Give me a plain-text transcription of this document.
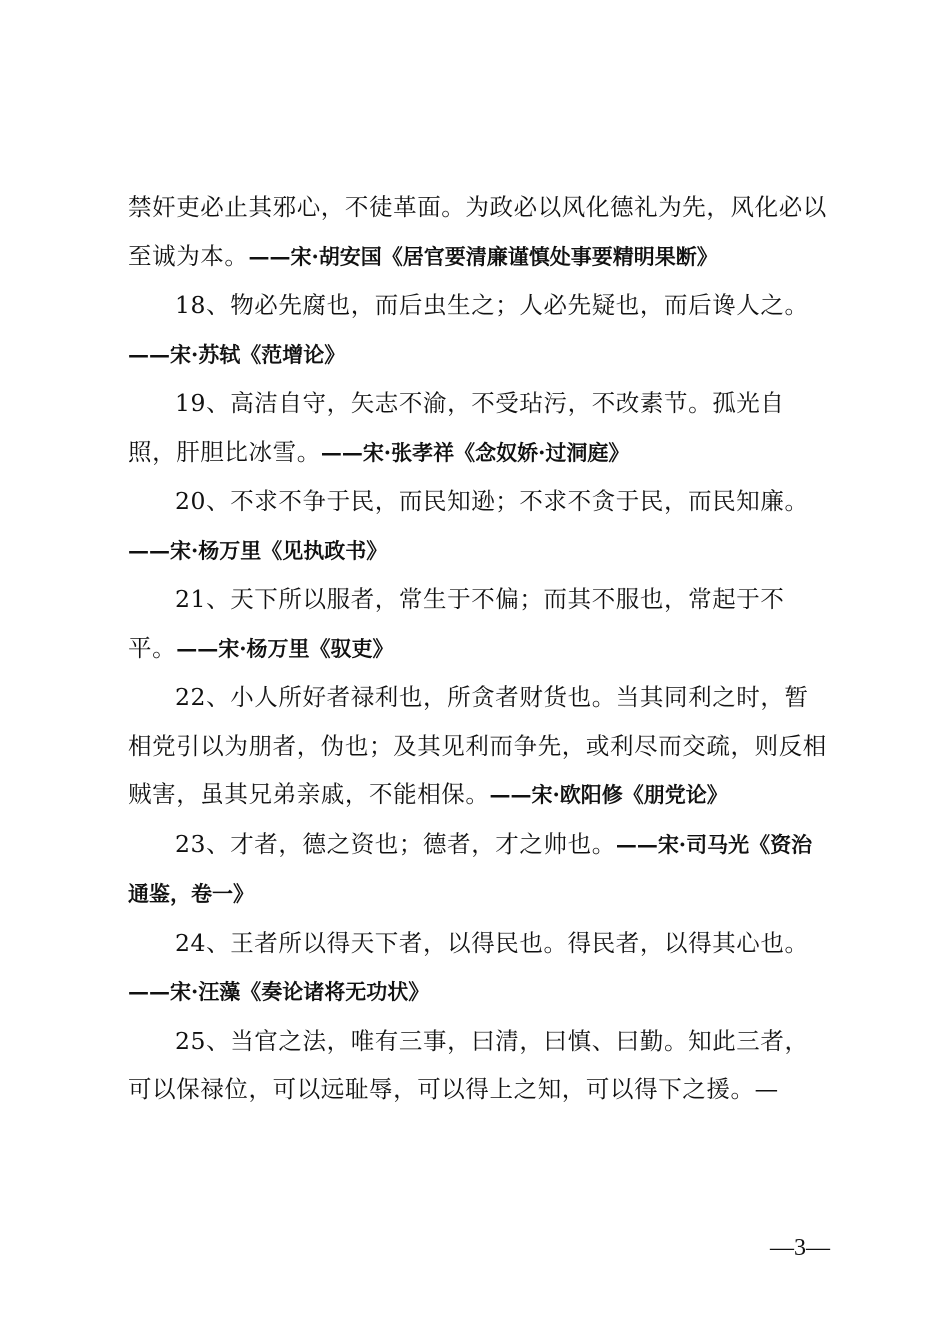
禁奸吏必止其邪心，不徒革面。为政必以风化德礼为先，风化必以至诚为本。——宋·胡安国《居官要清廉谨慎处事要精明果断》

18、物必先腐也，而后虫生之；人必先疑也，而后谗人之。——宋·苏轼《范增论》

19、高洁自守，矢志不渝，不受玷污，不改素节。孤光自照，肝胆比冰雪。——宋·张孝祥《念奴娇·过洞庭》

20、不求不争于民，而民知逊；不求不贪于民，而民知廉。——宋·杨万里《见执政书》

21、天下所以服者，常生于不偏；而其不服也，常起于不平。——宋·杨万里《驭吏》

22、小人所好者禄利也，所贪者财货也。当其同利之时，暂相党引以为朋者，伪也；及其见利而争先，或利尽而交疏，则反相贼害，虽其兄弟亲戚，不能相保。——宋·欧阳修《朋党论》

23、才者，德之资也；德者，才之帅也。——宋·司马光《资治通鉴，卷一》

24、王者所以得天下者，以得民也。得民者，以得其心也。——宋·汪藻《奏论诸将无功状》

25、当官之法，唯有三事，曰清，曰慎、曰勤。知此三者，可以保禄位，可以远耻辱，可以得上之知，可以得下之援。—

—3—
